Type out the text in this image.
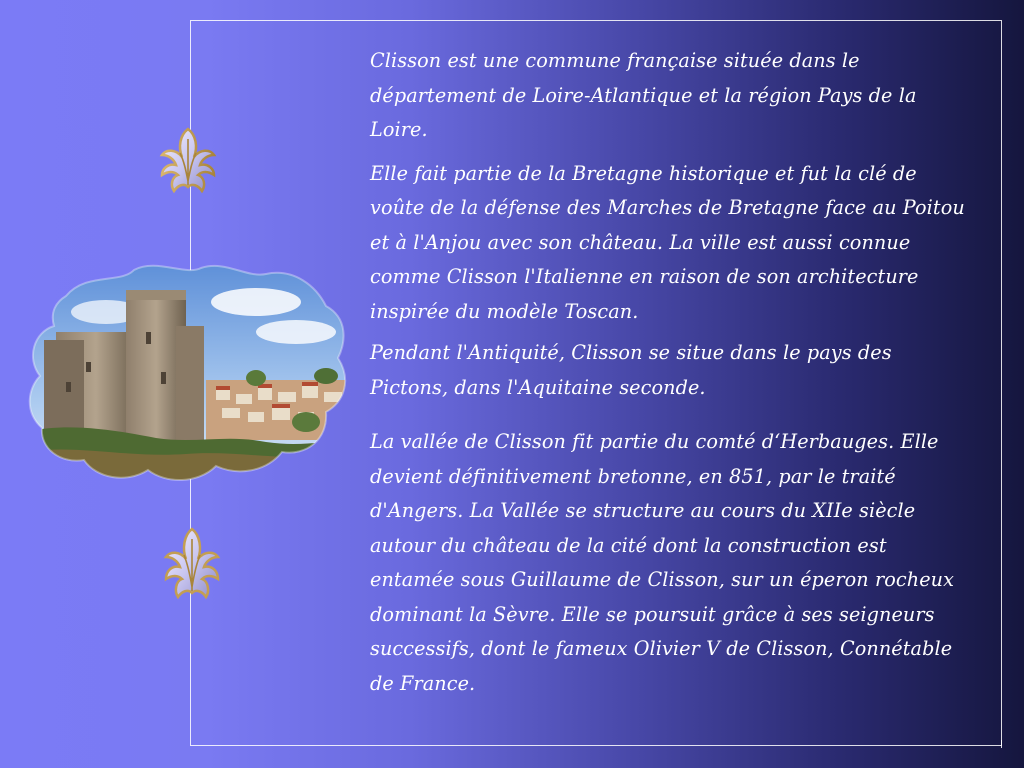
Clisson est une commune française située dans le département de Loire-Atlantique et la région Pays de la Loire.

Elle fait partie de la Bretagne historique et fut la clé de voûte de la défense des Marches de Bretagne face au Poitou et à l'Anjou avec son château. La ville est aussi connue comme Clisson l'Italienne en raison de son architecture inspirée du modèle Toscan.

Pendant l'Antiquité, Clisson se situe dans le pays des Pictons, dans l'Aquitaine seconde.

La vallée de Clisson fit partie du comté d‘Herbauges. Elle devient définitivement bretonne, en 851, par le traité d'Angers. La Vallée se structure au cours du XIIe siècle autour du château de la cité dont la construction est entamée sous Guillaume de Clisson, sur un éperon rocheux dominant la Sèvre. Elle se poursuit grâce à ses seigneurs successifs, dont le fameux Olivier V de Clisson, Connétable de France.
